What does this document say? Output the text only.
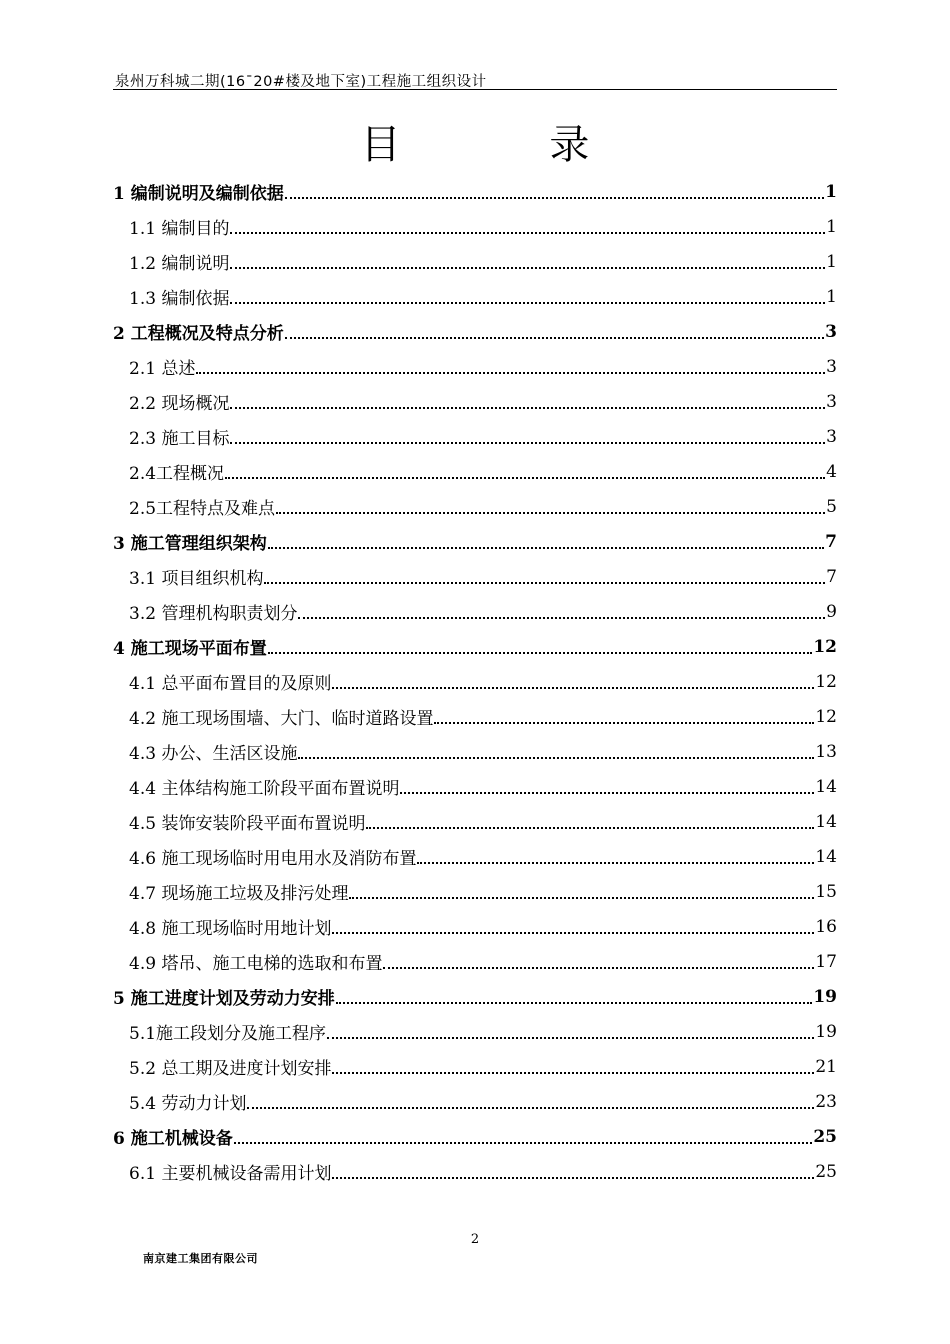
泉州万科城二期(16¯20#楼及地下室)工程施工组织设计
目 录
1 编制说明及编制依据	1
1.1 编制目的	1
1.2 编制说明	1
1.3 编制依据	1
2 工程概况及特点分析	3
2.1 总述	3
2.2 现场概况	3
2.3 施工目标	3
2.4工程概况	4
2.5工程特点及难点	5
3 施工管理组织架构	7
3.1 项目组织机构	7
3.2 管理机构职责划分	9
4 施工现场平面布置	12
4.1 总平面布置目的及原则	12
4.2 施工现场围墙、大门、临时道路设置	12
4.3 办公、生活区设施	13
4.4 主体结构施工阶段平面布置说明	14
4.5 装饰安装阶段平面布置说明	14
4.6 施工现场临时用电用水及消防布置	14
4.7 现场施工垃圾及排污处理	15
4.8 施工现场临时用地计划	16
4.9 塔吊、施工电梯的选取和布置	17
5 施工进度计划及劳动力安排	19
5.1施工段划分及施工程序	19
5.2 总工期及进度计划安排	21
5.4 劳动力计划	23
6 施工机械设备	25
6.1 主要机械设备需用计划	25
2
南京建工集团有限公司
